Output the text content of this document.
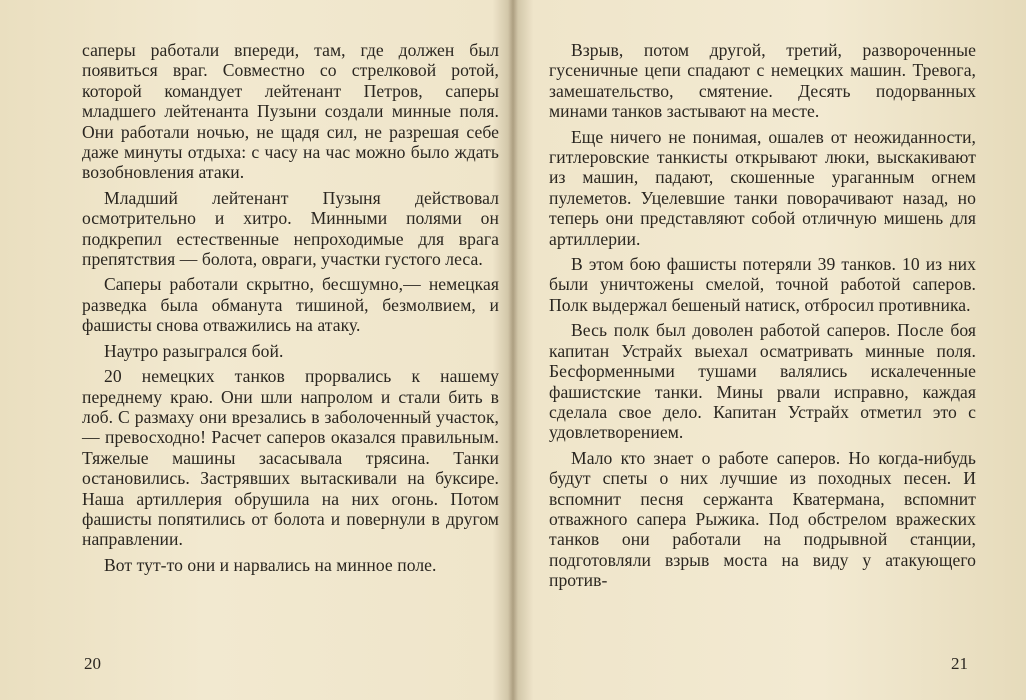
саперы работали впереди, там, где должен был появиться враг. Совместно со стрелковой ротой, которой командует лейтенант Петров, саперы младшего лейтенанта Пузыни создали минные поля. Они работали ночью, не щадя сил, не разрешая себе даже минуты отдыха: с часу на час можно было ждать возобновления атаки.

Младший лейтенант Пузыня действовал осмотрительно и хитро. Минными полями он подкрепил естественные непроходимые для врага препятствия — болота, овраги, участки густого леса.

Саперы работали скрытно, бесшумно,— немецкая разведка была обманута тишиной, безмолвием, и фашисты снова отважились на атаку.

Наутро разыгрался бой.

20 немецких танков прорвались к нашему переднему краю. Они шли напролом и стали бить в лоб. С размаху они врезались в заболоченный участок,— превосходно! Расчет саперов оказался правильным. Тяжелые машины засасывала трясина. Танки остановились. Застрявших вытаскивали на буксире. Наша артиллерия обрушила на них огонь. Потом фашисты попятились от болота и повернули в другом направлении.

Вот тут-то они и нарвались на минное поле.

20

Взрыв, потом другой, третий, развороченные гусеничные цепи спадают с немецких машин. Тревога, замешательство, смятение. Десять подорванных минами танков застывают на месте.

Еще ничего не понимая, ошалев от неожиданности, гитлеровские танкисты открывают люки, выскакивают из машин, падают, скошенные ураганным огнем пулеметов. Уцелевшие танки поворачивают назад, но теперь они представляют собой отличную мишень для артиллерии.

В этом бою фашисты потеряли 39 танков. 10 из них были уничтожены смелой, точной работой саперов. Полк выдержал бешеный натиск, отбросил противника.

Весь полк был доволен работой саперов. После боя капитан Устрайх выехал осматривать минные поля. Бесформенными тушами валялись искалеченные фашистские танки. Мины рвали исправно, каждая сделала свое дело. Капитан Устрайх отметил это с удовлетворением.

Мало кто знает о работе саперов. Но когда-нибудь будут спеты о них лучшие из походных песен. И вспомнит песня сержанта Кватермана, вспомнит отважного сапера Рыжика. Под обстрелом вражеских танков они работали на подрывной станции, подготовляли взрыв моста на виду у атакующего против-

21
